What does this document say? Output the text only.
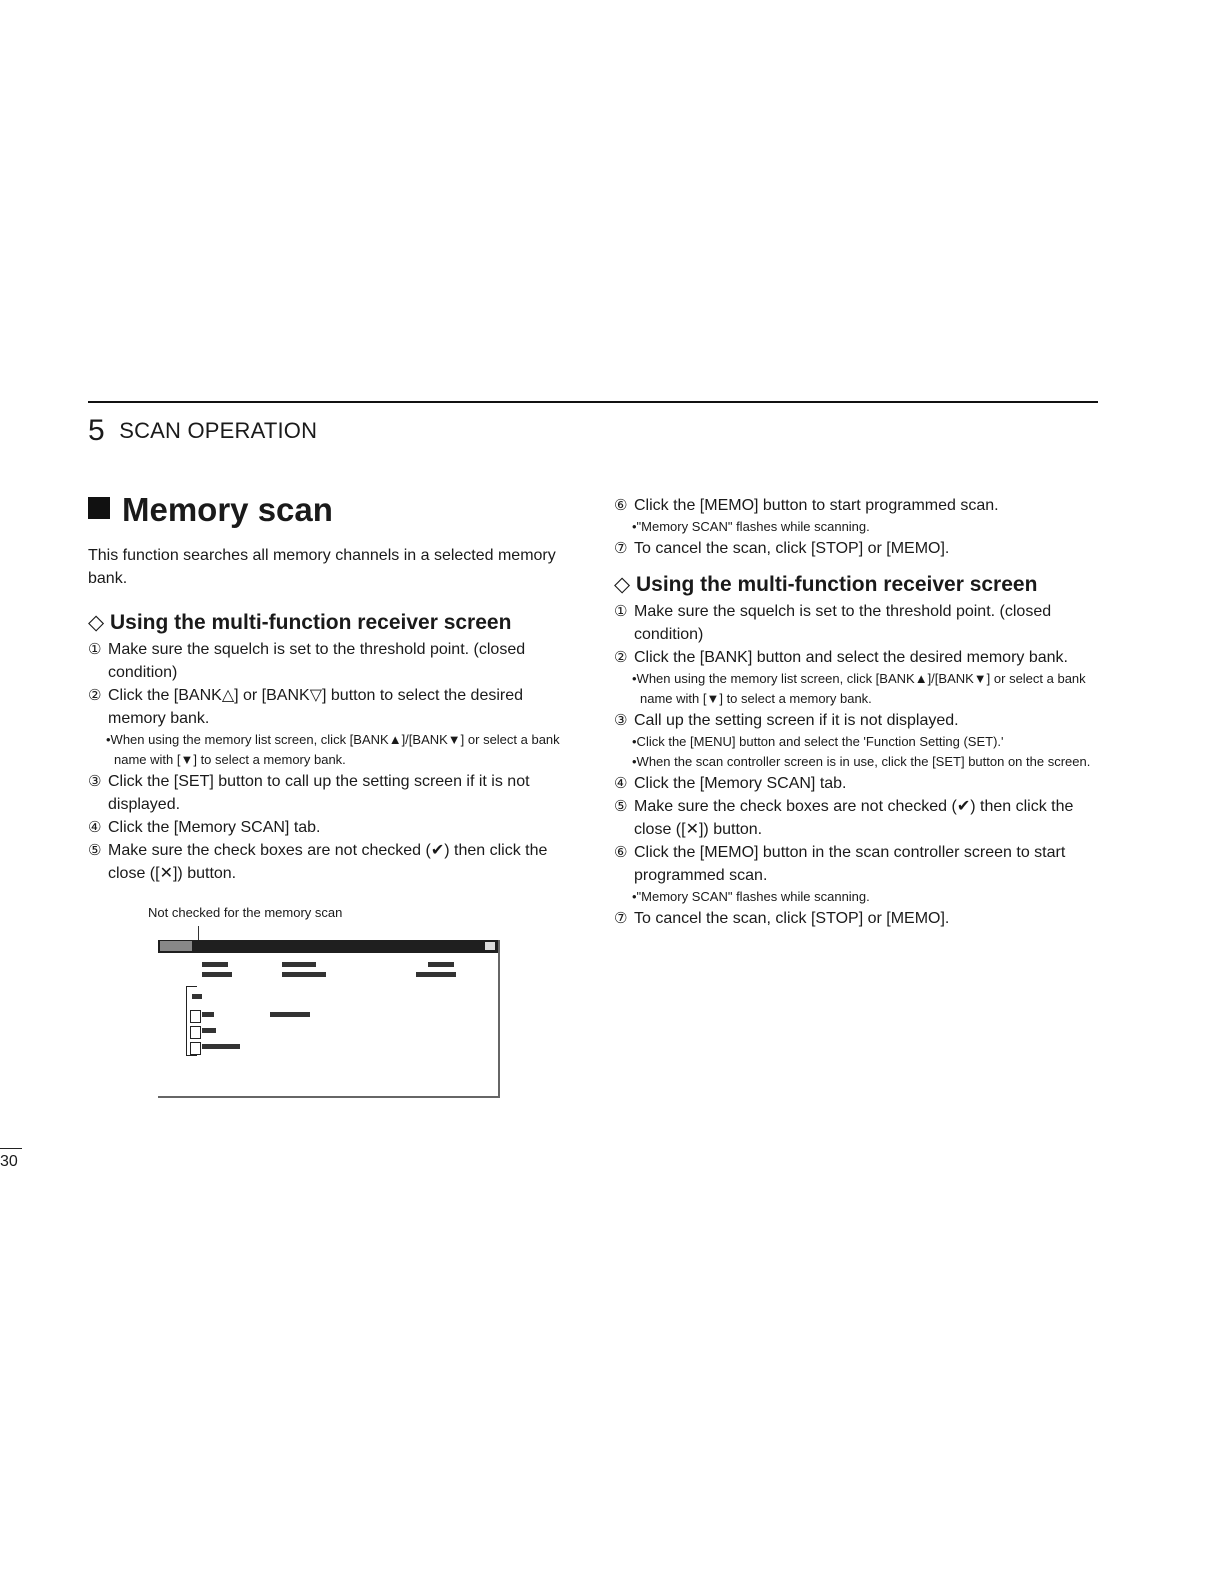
5 SCAN OPERATION
Memory scan

This function searches all memory channels in a selected memory bank.

◇ Using the multi-function receiver screen

① Make sure the squelch is set to the threshold point. (closed condition)

② Click the [BANK△] or [BANK▽] button to select the desired memory bank.

•When using the memory list screen, click [BANK▲]/[BANK▼] or select a bank name with [▼] to select a memory bank.

③ Click the [SET] button to call up the setting screen if it is not displayed.

④ Click the [Memory SCAN] tab.

⑤ Make sure the check boxes are not checked (✔) then click the close ([✕]) button.

Not checked for the memory scan

⑥ Click the [MEMO] button to start programmed scan.

•"Memory SCAN" flashes while scanning.

⑦ To cancel the scan, click [STOP] or [MEMO].

◇ Using the multi-function receiver screen

① Make sure the squelch is set to the threshold point. (closed condition)

② Click the [BANK] button and select the desired memory bank.

•When using the memory list screen, click [BANK▲]/[BANK▼] or select a bank name with [▼] to select a memory bank.

③ Call up the setting screen if it is not displayed.

•Click the [MENU] button and select the 'Function Setting (SET).'

•When the scan controller screen is in use, click the [SET] button on the screen.

④ Click the [Memory SCAN] tab.

⑤ Make sure the check boxes are not checked (✔) then click the close ([✕]) button.

⑥ Click the [MEMO] button in the scan controller screen to start programmed scan.

•"Memory SCAN" flashes while scanning.

⑦ To cancel the scan, click [STOP] or [MEMO].

30
